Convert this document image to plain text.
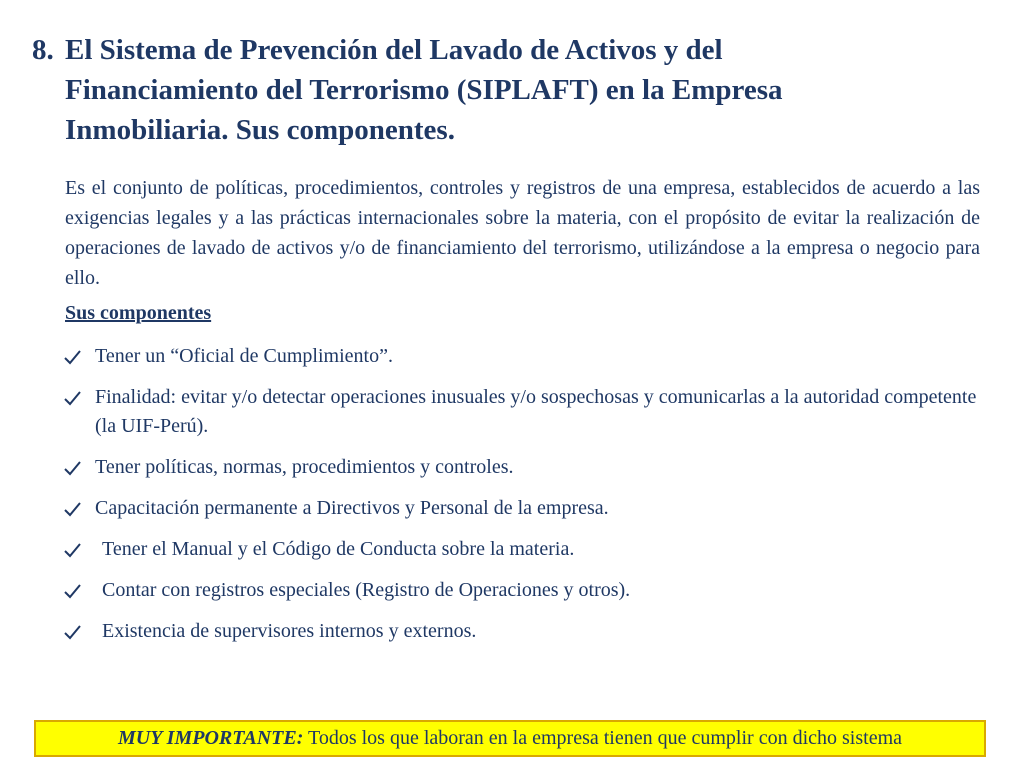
8. El Sistema de Prevención del Lavado de Activos y del
Financiamiento del Terrorismo (SIPLAFT) en la Empresa
Inmobiliaria. Sus componentes.

Es el conjunto de políticas, procedimientos, controles y registros de una empresa, establecidos de acuerdo a las exigencias legales y a las prácticas internacionales sobre la materia, con el propósito de evitar la realización de operaciones de lavado de activos y/o de financiamiento del terrorismo, utilizándose a la empresa o negocio para ello.

Sus componentes

Tener un “Oficial de Cumplimiento”.
Finalidad: evitar y/o detectar operaciones inusuales y/o sospechosas y comunicarlas a la autoridad competente (la UIF-Perú).
Tener políticas, normas, procedimientos y controles.
Capacitación permanente a Directivos y Personal de la empresa.
Tener el Manual y el Código de Conducta sobre la materia.
Contar con registros especiales (Registro de Operaciones y otros).
Existencia de supervisores internos y externos.
MUY IMPORTANTE: Todos los que laboran en la empresa tienen que cumplir con dicho sistema
